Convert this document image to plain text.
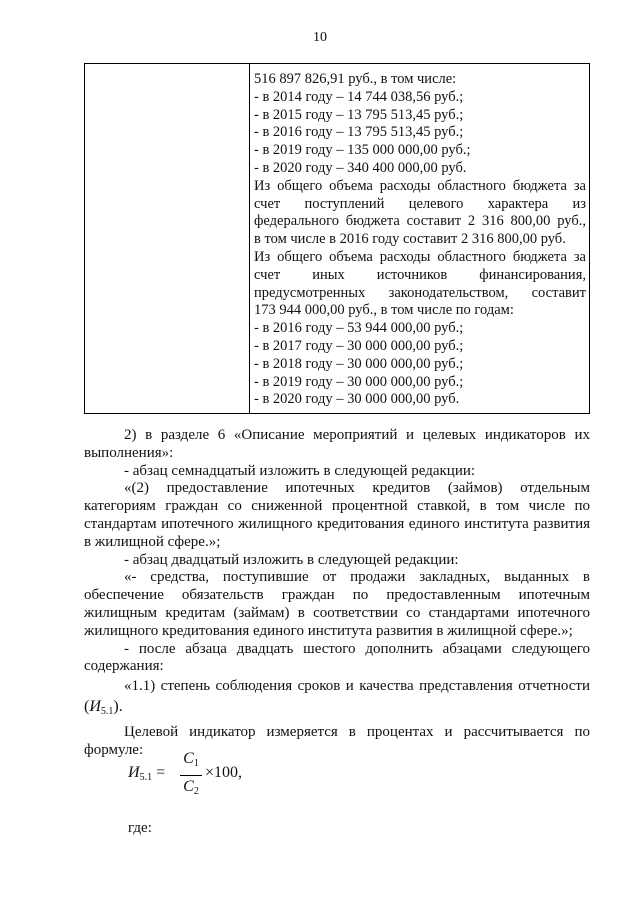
10

516 897 826,91 руб., в том числе:
- в 2014 году – 14 744 038,56 руб.;
- в 2015 году – 13 795 513,45 руб.;
- в 2016 году – 13 795 513,45 руб.;
- в 2019 году – 135 000 000,00 руб.;
- в 2020 году – 340 400 000,00 руб.
Из общего объема расходы областного бюджета за
счет поступлений целевого характера из
федерального бюджета составит 2 316 800,00 руб.,
в том числе в 2016 году составит 2 316 800,00 руб.
Из общего объема расходы областного бюджета за
счет иных источников финансирования,
предусмотренных законодательством, составит
173 944 000,00 руб., в том числе по годам:
- в 2016 году – 53 944 000,00 руб.;
- в 2017 году – 30 000 000,00 руб.;
- в 2018 году – 30 000 000,00 руб.;
- в 2019 году – 30 000 000,00 руб.;
- в 2020 году – 30 000 000,00 руб.

2) в разделе 6 «Описание мероприятий и целевых индикаторов их

выполнения»:

- абзац семнадцатый изложить в следующей редакции:

«(2) предоставление ипотечных кредитов (займов) отдельным категориям граждан со сниженной процентной ставкой, в том числе по стандартам ипотечного жилищного кредитования единого института развития в жилищной сфере.»;

- абзац двадцатый изложить в следующей редакции:

«- средства, поступившие от продажи закладных, выданных в обеспечение обязательств граждан по предоставленным ипотечным жилищным кредитам (займам) в соответствии со стандартами ипотечного жилищного кредитования единого института развития в жилищной сфере.»;

- после абзаца двадцать шестого дополнить абзацами следующего содержания:

«1.1) степень соблюдения сроков и качества представления отчетности

$(И_{5.1})$.

Целевой индикатор измеряется в процентах и рассчитывается по формуле:

$И_{5.1}$ =
$C_1$
$C_2$
×100,
где:
